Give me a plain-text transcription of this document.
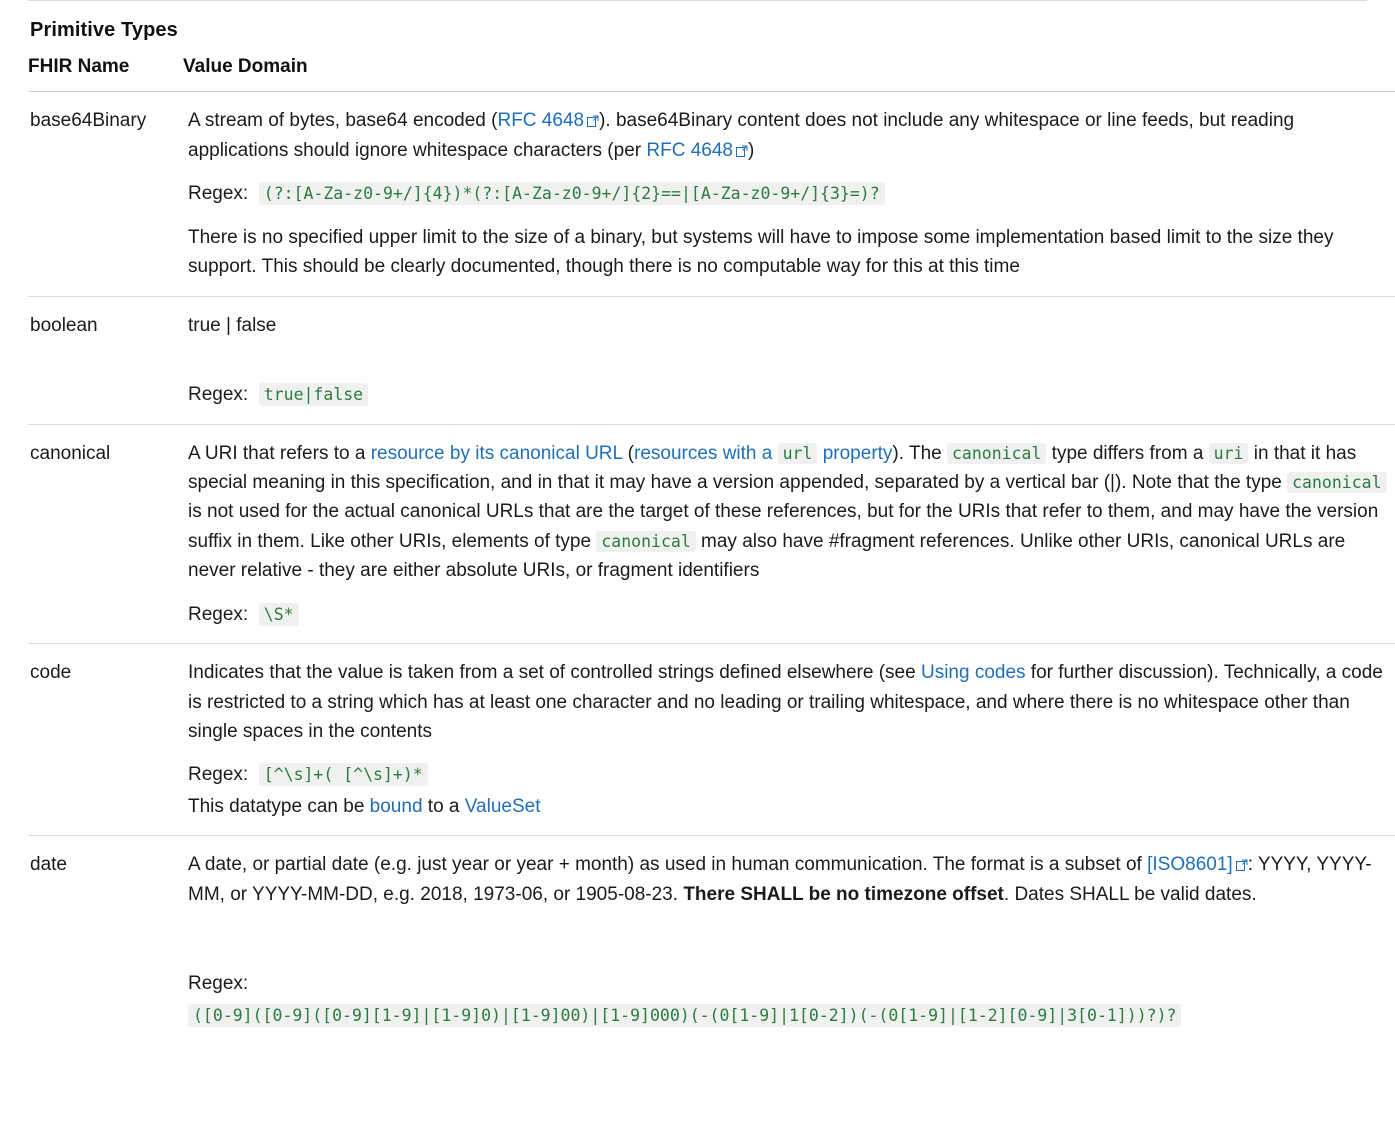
Primitive Types
FHIR Name	Value Domain
base64Binary	A stream of bytes, base64 encoded (RFC 4648 ). base64Binary content does not include any whitespace or line feeds, but reading applications should ignore whitespace characters (per RFC 4648 )

Regex: (?:[A-Za-z0-9+/]{4})*(?:[A-Za-z0-9+/]{2}==|[A-Za-z0-9+/]{3}=)?

There is no specified upper limit to the size of a binary, but systems will have to impose some implementation based limit to the size they support. This should be clearly documented, though there is no computable way for this at this time

boolean	true | false

Regex: true|false

canonical	A URI that refers to a resource by its canonical URL (resources with a url property). The canonical type differs from a uri in that it has special meaning in this specification, and in that it may have a version appended, separated by a vertical bar (|). Note that the type canonical is not used for the actual canonical URLs that are the target of these references, but for the URIs that refer to them, and may have the version suffix in them. Like other URIs, elements of type canonical may also have #fragment references. Unlike other URIs, canonical URLs are never relative - they are either absolute URIs, or fragment identifiers

Regex: \S*

code	Indicates that the value is taken from a set of controlled strings defined elsewhere (see Using codes for further discussion). Technically, a code is restricted to a string which has at least one character and no leading or trailing whitespace, and where there is no whitespace other than single spaces in the contents

Regex: [^\s]+( [^\s]+)*

This datatype can be bound to a ValueSet

date	A date, or partial date (e.g. just year or year + month) as used in human communication. The format is a subset of [ISO8601] : YYYY, YYYY-MM, or YYYY-MM-DD, e.g. 2018, 1973-06, or 1905-08-23. There SHALL be no timezone offset. Dates SHALL be valid dates.

Regex:
([0-9]([0-9]([0-9][1-9]|[1-9]0)|[1-9]00)|[1-9]000)(-(0[1-9]|1[0-2])(-(0[1-9]|[1-2][0-9]|3[0-1]))?)?
